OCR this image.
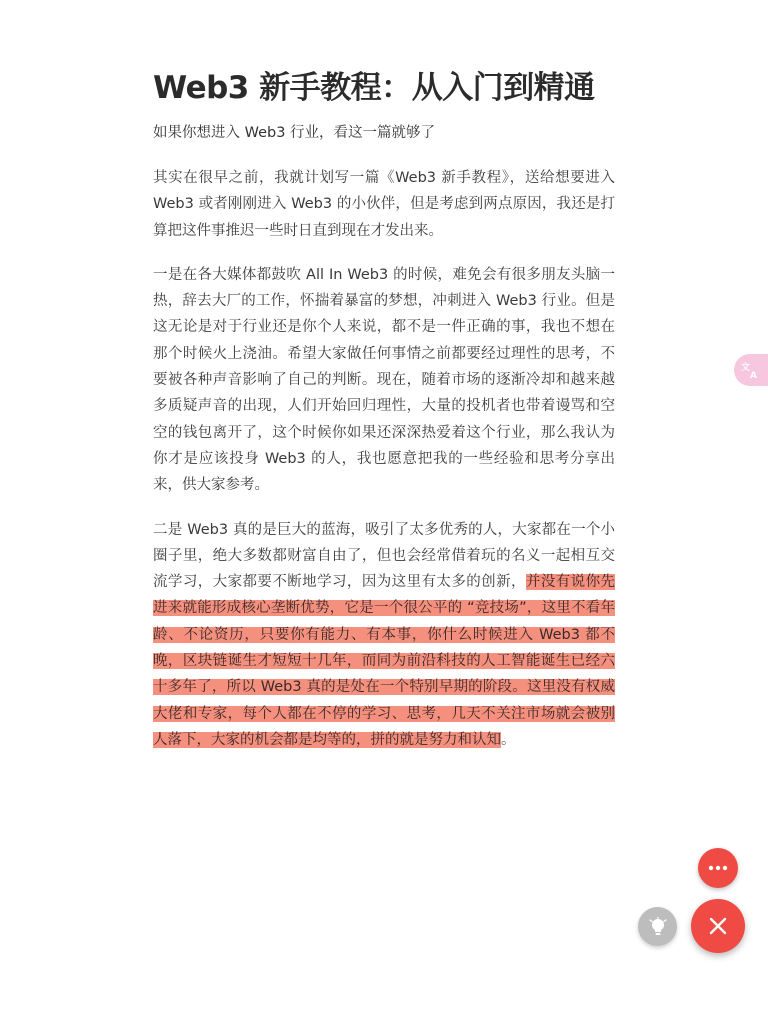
Web3 新手教程：从入门到精通

如果你想进入 Web3 行业，看这一篇就够了

其实在很早之前，我就计划写一篇《Web3 新手教程》，送给想要进入 Web3 或者刚刚进入 Web3 的小伙伴，但是考虑到两点原因，我还是打算把这件事推迟一些时日直到现在才发出来。

一是在各大媒体都鼓吹 All In Web3 的时候，难免会有很多朋友头脑一热，辞去大厂的工作，怀揣着暴富的梦想，冲刺进入 Web3 行业。但是这无论是对于行业还是你个人来说，都不是一件正确的事，我也不想在那个时候火上浇油。希望大家做任何事情之前都要经过理性的思考，不要被各种声音影响了自己的判断。现在，随着市场的逐渐冷却和越来越多质疑声音的出现，人们开始回归理性，大量的投机者也带着谩骂和空空的钱包离开了，这个时候你如果还深深热爱着这个行业，那么我认为你才是应该投身 Web3 的人，我也愿意把我的一些经验和思考分享出来，供大家参考。

二是 Web3 真的是巨大的蓝海，吸引了太多优秀的人，大家都在一个小圈子里，绝大多数都财富自由了，但也会经常借着玩的名义一起相互交流学习，大家都要不断地学习，因为这里有太多的创新，并没有说你先进来就能形成核心垄断优势，它是一个很公平的 “竞技场”，这里不看年龄、不论资历，只要你有能力、有本事，你什么时候进入 Web3 都不晚，区块链诞生才短短十几年，而同为前沿科技的人工智能诞生已经六十多年了，所以 Web3 真的是处在一个特别早期的阶段。这里没有权威大佬和专家，每个人都在不停的学习、思考，几天不关注市场就会被别人落下，大家的机会都是均等的，拼的就是努力和认知。

文
A
